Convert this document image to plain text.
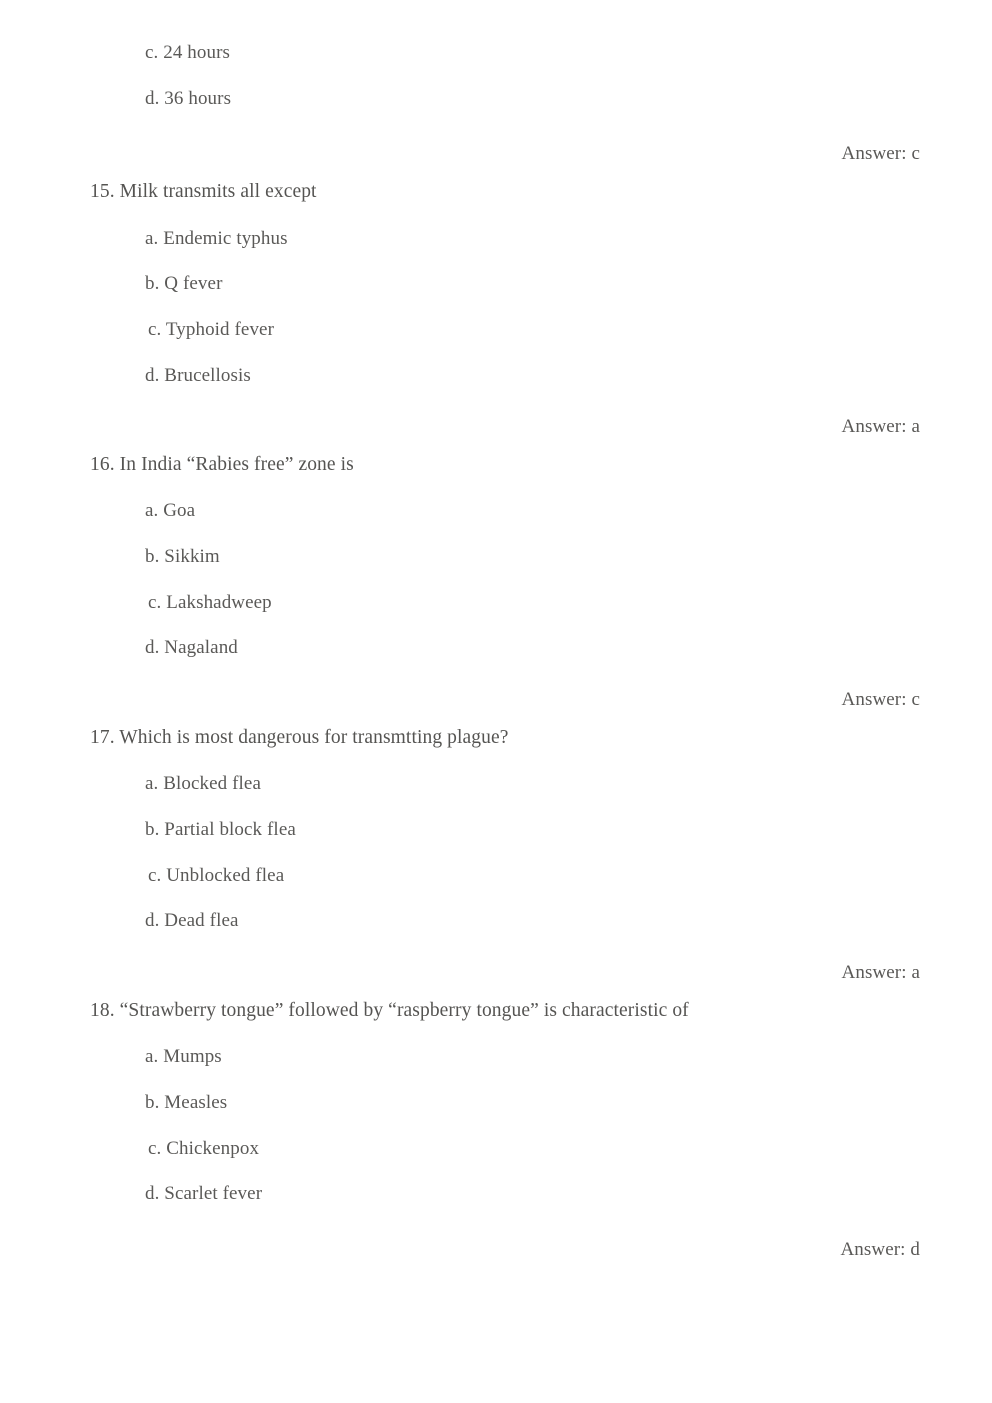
c. 24 hours
d. 36 hours
Answer: c
15. Milk transmits all except
a. Endemic typhus
b. Q fever
c. Typhoid fever
d. Brucellosis
Answer: a
16. In India “Rabies free” zone is
a. Goa
b. Sikkim
c. Lakshadweep
d. Nagaland
Answer: c
17. Which is most dangerous for transmtting plague?
a. Blocked flea
b. Partial block flea
c. Unblocked flea
d. Dead flea
Answer: a
18. “Strawberry tongue” followed by “raspberry tongue” is characteristic of
a. Mumps
b. Measles
c. Chickenpox
d. Scarlet fever
Answer: d
